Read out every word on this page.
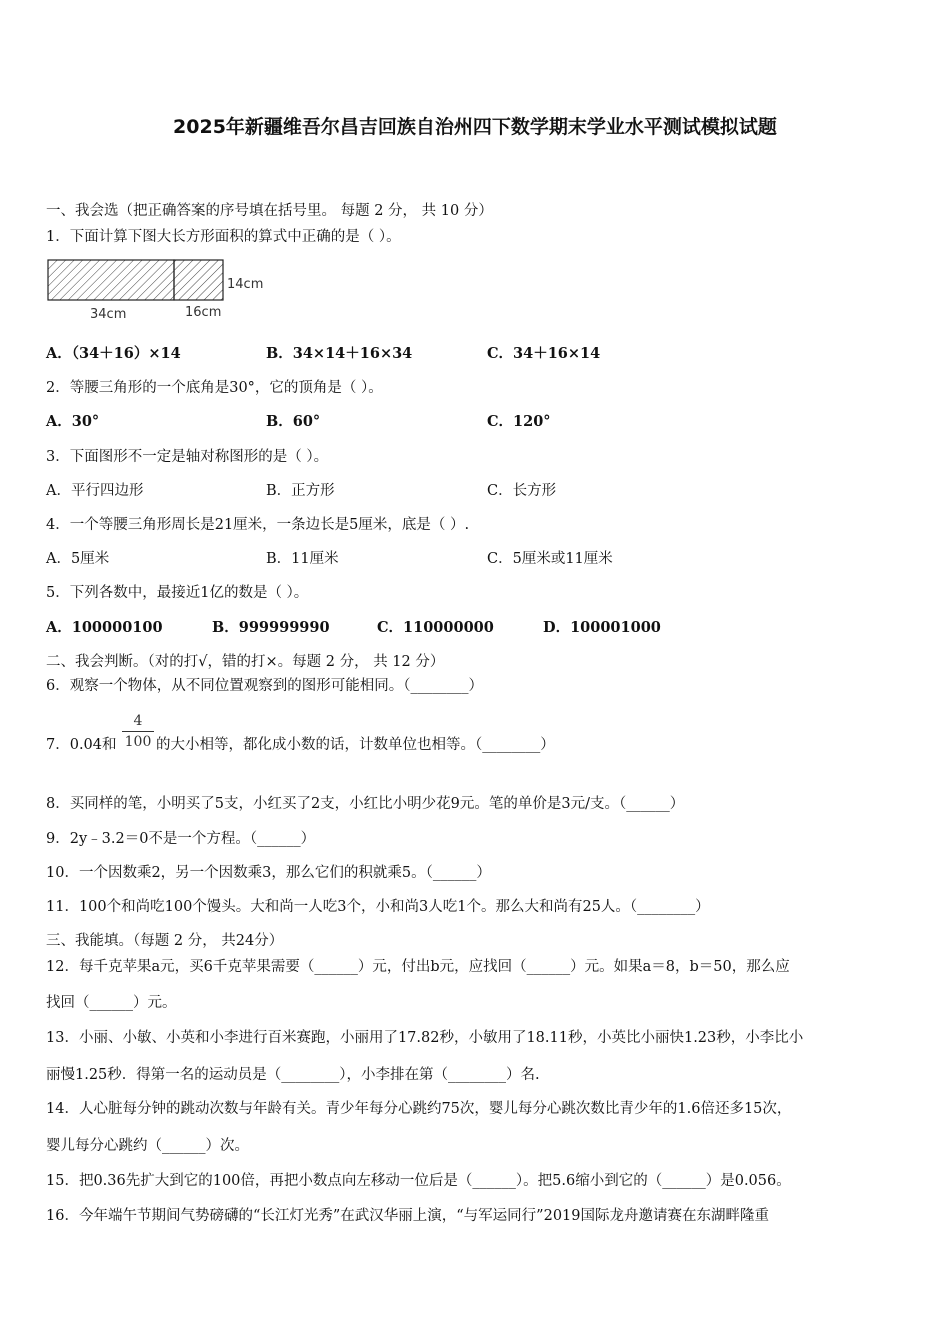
2025年新疆维吾尔昌吉回族自治州四下数学期末学业水平测试模拟试题
一、我会选（把正确答案的序号填在括号里。 每题 2 分， 共 10 分）
1．下面计算下图大长方形面积的算式中正确的是（ ）。
14cm
34cm	16cm
A．（34＋16）×14	B．34×14＋16×34	C．34＋16×14
2．等腰三角形的一个底角是30°，它的顶角是（ ）。
A．30°	B．60°	C．120°
3．下面图形不一定是轴对称图形的是（ ）。
A．平行四边形	B．正方形	C．长方形
4．一个等腰三角形周长是21厘米，一条边长是5厘米，底是（ ）.
A．5厘米	B．11厘米	C．5厘米或11厘米
5．下列各数中，最接近1亿的数是（ ）。
A．100000100	B．999999990	C．110000000	D．100001000
二、我会判断。（对的打√，错的打×。每题 2 分， 共 12 分）
6．观察一个物体，从不同位置观察到的图形可能相同。（________）
7．0.04和
4
100 的大小相等，都化成小数的话，计数单位也相等。（________）
8．买同样的笔，小明买了5支，小红买了2支，小红比小明少花9元。笔的单价是3元/支。（______）
9．2y﹣3.2＝0不是一个方程。（______）
10．一个因数乘2，另一个因数乘3，那么它们的积就乘5。（______）
11．100个和尚吃100个馒头。大和尚一人吃3个，小和尚3人吃1个。那么大和尚有25人。（________）
三、我能填。（每题 2 分， 共24分）
12．每千克苹果a元，买6千克苹果需要（______）元，付出b元，应找回（______）元。如果a＝8，b＝50，那么应
找回（______）元。
13．小丽、小敏、小英和小李进行百米赛跑，小丽用了17.82秒，小敏用了18.11秒，小英比小丽快1.23秒，小李比小
丽慢1.25秒．得第一名的运动员是（________），小李排在第（________）名.
14．人心脏每分钟的跳动次数与年龄有关。青少年每分心跳约75次，婴儿每分心跳次数比青少年的1.6倍还多15次，
婴儿每分心跳约（______）次。
15．把0.36先扩大到它的100倍，再把小数点向左移动一位后是（______）。把5.6缩小到它的（______）是0.056。
16．今年端午节期间气势磅礴的“长江灯光秀”在武汉华丽上演，“与军运同行”2019国际龙舟邀请赛在东湖畔隆重
